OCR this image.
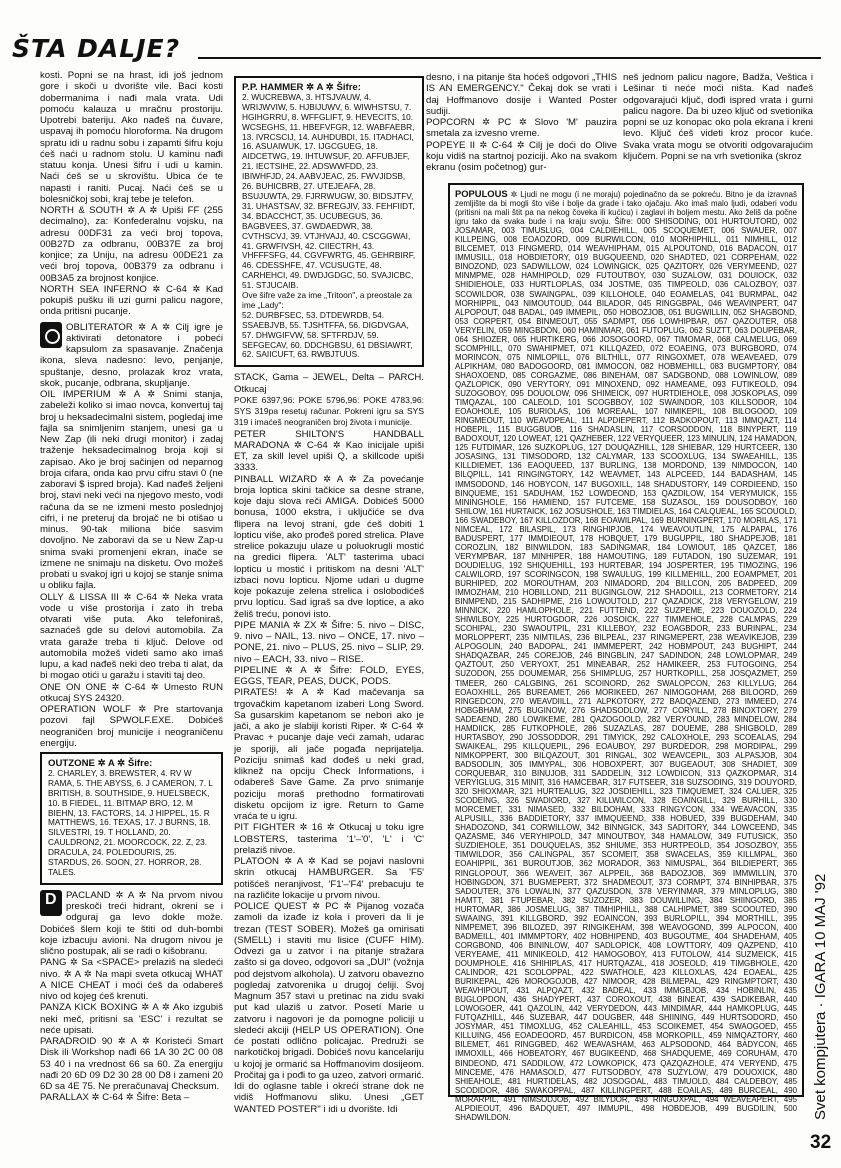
ŠTA DALJE?

kosti. Popni se na hrast, idi još jednom gore i skoči u dvorište vile. Baci kosti dobermanima i nađi mala vrata. Udi pomoću kalauza u mračnu prostoriju. Upotrebi bateriju. Ako nađeš na čuvare, uspavaj ih pomoću hloroforma. Na drugom spratu idi u radnu sobu i zapamti šifru koju ćeš naći u radnom stolu. U kaminu nađi statuu konja. Unesi šifru i udi u kamin. Naći ćeš se u skrovištu. Ubica će te napasti i raniti. Pucaj. Naći ćeš se u bolesničkoj sobi, kraj tebe je telefon.

NORTH & SOUTH ✲ A ✲ Upiši FF (255 decimalno), za: Konfederalnu vojsku, na adresu 00DF31 za veći broj topova, 00B27D za odbranu, 00B37E za broj konjice; za Uniju, na adresu 00DE21 za veći broj topova, 00B379 za odbranu i 00B3A5 za brojnost konjice.

NORTH SEA INFERNO ✲ C-64 ✲ Kad pokupiš pušku ili uzi gurni palicu nagore, onda pritisni pucanje.

OBLITERATOR ✲ A ✲ Cilj igre je aktivirati detonatore i pobeći kapsulom za spasavanje. Značenja ikona, sleva nadesno: levo, penjanje, spuštanje, desno, prolazak kroz vrata, skok, pucanje, odbrana, skupljanje.

OIL IMPERIUM ✲ A ✲ Snimi stanja, zabeleži koliko si imao novca, konvertuj taj broj u heksadecimalni sistem, pogledaj ime fajla sa snimljenim stanjem, unesi ga u New Zap (ili neki drugi monitor) i zadaj traženje heksadecimalnog broja koji si zapisao. Ako je broj sačinjen od neparnog broja cifara, onda kao prvu cifru stavi 0 (ne zaboravi $ ispred broja). Kad nađeš željeni broj, stavi neki veći na njegovo mesto, vodi računa da se ne izmeni mesto poslednjoj cifri, i ne preteruj da brojač ne bi otišao u minus. 90-tak miliona biće sasvim dovoljno. Ne zaboravi da se u New Zap-u snima svaki promenjeni ekran, inače se izmene ne snimaju na disketu. Ovo možeš probati u svakoj igri u kojoj se stanje snima u obliku fajla.

OLLY & LISSA III ✲ C-64 ✲ Neka vrata vode u više prostorija i zato ih treba otvarati više puta. Ako telefoniraš, saznaćeš gde su delovi automobila. Za vrata garaže treba ti ključ. Delove od automobila možeš videti samo ako imaš lupu, a kad nađeš neki deo treba ti alat, da bi mogao otići u garažu i staviti taj deo.

ONE ON ONE ✲ C-64 ✲ Umesto RUN otkucaj SYS 24320.

OPERATION WOLF ✲ Pre startovanja pozovi fajl SPWOLF.EXE. Dobićeš neograničen broj municije i neograničenu energiju.

OUTZONE ✲ A ✲ Šifre:
2. CHARLEY, 3. BREWSTER, 4. RV W RAMA, 5. THE ABYSS, 6. J CAMERON, 7. L BRITISH, 8. SOUTHSIDE, 9. HUELSBECK, 10. B FIEDEL, 11. BITMAP BRO, 12. M BIEHN, 13. FACTORS, 14. J HIPPEL, 15. R MATTHEWS, 16. TEXAS, 17. J BURNS, 18. SILVESTRI, 19. T HOLLAND, 20. CAULDRON2, 21. MOORCOCK, 22. Z, 23. DRACULA, 24. POLEDOURIS, 25. STARDUS, 26. SOON, 27. HORROR, 28. TALES.

D
PACLAND ✲ A ✲ Na prvom nivou preskoči treći hidrant, okreni se i odguraj ga levo dokle može. Dobićeš šlem koji te štiti od duh-bombi koje izbacuju avioni. Na drugom nivou je slično postupak, ali se radi o kišobranu.

PANG ✲ Sa <SPACE> prelaziš na sledeći nivo. ✲ A ✲ Na mapi sveta otkucaj WHAT A NICE CHEAT i moći ćeš da odabereš nivo od kojeg ćeš krenuti.

PANZA KICK BOXING ✲ A ✲ Ako izgubiš neki meč, pritisni sa 'ESC' i rezultat se neće upisati.

PARADROID 90 ✲ A ✲ Koristeći Smart Disk ili Workshop nađi 66 1A 30 2C 00 08 53 40 i na vrednost 66 sa 60. Za energiju nađi 20 6D 09 D2 30 28 00 D8 i zameni 20 6D sa 4E 75. Ne preračunavaj Checksum.

PARALLAX ✲ C-64 ✲ Šifre: Beta –

P.P. HAMMER ✲ A ✲ Šifre:
2. WUCREBWA, 3. HTSJVAUW, 4. WRIJWVIW, 5. HJBIJUWV, 6. WIWHSTSU, 7. HGIHGRRU, 8. WFFGLIFT, 9. HEVECITS, 10. WCSEGHS, 11. HBEFVFGR, 12. WABFAEBR, 13. IVRCSCIJ, 14. AUHDUBDI, 15. ITADHACI, 16. ASUAIWUK, 17. IJGCGUEG, 18. AIDCETWG, 19. IHTUWSUF, 20. AFFUBJEF, 21. IECTSIHE, 22. ADSWWFDD, 23. IBIWHFJD, 24. AABVJEAC, 25. FWVJIDSB, 26. BUHICBRB, 27. UTEJEAFA, 28. BSUJUWTA, 29. FJRRWUGW, 30. BIDSJTFV, 31. UHASTSAV, 32. BFREGJIV, 33. FEHFIIDT, 34. BDACCHCT, 35. UCUBEGUS, 36. BAGBVEES, 37. GWDAEDWR, 38. CVTHSCVJ, 39. VTJHVAJJ, 40. CSCGGWAI, 41. GRWFIVSH, 42. CIIECTRH, 43. VHFFFSFG, 44. CGVFWRTG, 45. GEHRBIRF, 46. CDESSHFE, 47. VCUSUGTE, 48. CARHEHCI, 49. DWDJGDGC, 50. SVAJICBC, 51. STJUCAIB.
Ove šifre važe za ime „Tritoon", a preostale za ime „Lady":
52. DURBFSEC, 53. DTDEWRDB, 54. SSAEBJVB, 55. TJSHTFFA, 56. DIGDVGAA, 57. DHWGIFVW, 58. SFTFRDJV, 59. SEFGECAV, 60. DDCHGBSU, 61 DBSIAWRT, 62. SAIICUFT, 63. RWBJTUUS.

STACK, Gama – JEWEL, Delta – PARCH. Otkucaj

POKE 6397,96: POKE 5796,96: POKE 4783,96: SYS 319pa resetuj računar. Pokreni igru sa SYS 319 i imaćeš neograničen broj života i municije.

PETER SHILTON'S HANDBALL MARADONA ✲ C-64 ✲ Kao inicijale upiši ET, za skill level upiši Q, a skillcode upiši 3333.

PINBALL WIZARD ✲ A ✲ Za povećanje broja loptica skini tačkice sa desne strane, koje daju slova reči AMIGA. Dobićeš 5000 bonusa, 1000 ekstra, i uključiće se dva flipera na levoj strani, gde ćeš dobiti 1 lopticu više, ako prođeš pored strelica. Plave strelice pokazuju ulaze u poluokrugli mostić na gredici flipera. 'ALT' tasterima ubaci lopticu u mostić i pritiskom na desni 'ALT' izbaci novu lopticu. Njome udari u dugme koje pokazuje zelena strelica i oslobodićeš prvu lopticu. Sad igraš sa dve loptice, a ako želiš treću, ponovi isto.

PIPE MANIA ✲ ZX ✲ Šifre: 5. nivo – DISC, 9. nivo – NAIL, 13. nivo – ONCE, 17. nivo – PONE, 21. nivo – PLUS, 25. nivo – SLIP, 29. nivo – EACH, 33. nivo – RISE.

PIPELINE ✲ A ✲ Šifre: FOLD, EYES, EGGS, TEAR, PEAS, DUCK, PODS.

PIRATES! ✲ A ✲ Kad mačevanja sa trgovačkim kapetanom izaberi Long Sword. Sa gusarskim kapetanom se nebori ako je jači, a ako je slabiji koristi Riper. ✲ C-64 ✲ Pravac + pucanje daje veći zamah, udarac je sporiji, ali jače pogađa neprijatelja. Poziciju snimaš kad dođeš u neki grad, kliknež na opciju Check Informations, i odabereš Save Game. Za prvo snimanje poziciju moraš prethodno formatirovati disketu opcijom iz igre. Return to Game vraća te u igru.

PIT FIGHTER ✲ 16 ✲ Otkucaj u toku igre LOBSTERS, tasterima '1'–'0', 'L' i 'C' prelaziš nivoe.

PLATOON ✲ A ✲ Kad se pojavi naslovni skrin otkucaj HAMBURGER. Sa 'F5' potišćeš neranjivost, 'F1'–'F4' prebacuju te na različite lokacije u prvom nivou.

POLICE QUEST ✲ PC ✲ Pijanog vozača zamoli da izađe iz kola i proveri da li je trezan (TEST SOBER). Možeš ga omirisati (SMELL) i staviti mu lisice (CUFF HIM). Odvezi ga u zatvor i na pitanje stražara zašto si ga doveo, odgovori sa „DUI" (vožnja pod dejstvom alkohola). U zatvoru obavezno pogledaj zatvorenika u drugoj ćeliji. Svoj Magnum 357 stavi u pretinac na zidu svaki put kad ulaziš u zatvor. Posetí Marie u zatvoru i nagovori je da pomogne policiji u sledeći akciji (HELP US OPERATION). One će postati odlično policajac. Predruži se narkotičkoj brigadi. Dobićeš novu kancelariju u kojoj je ormarić sa Hoffmanovim dosijeom. Pročitaj ga i pođi to ga uzeo, zatvori ormarić. Idi do oglasne table i okreći strane dok ne vidiš Hoffmanovu sliku. Unesi „GET WANTED POSTER" i idi u dvorište. Idi

desno, i na pitanje šta hoćeš odgovori „THIS IS AN EMERGENCY." Čekaj dok se vrati i daj Hoffmanovo dosije i Wanted Poster sudiji.

POPCORN ✲ PC ✲ Slovo 'M' pauzira smetala za izvesno vreme.

POPEYE II ✲ C-64 ✲ Cilj je doći do Olive koju vidiš na startnoj poziciji. Ako na svakom ekranu (osim početnog) gur-

neš jednom palicu nagore, Badža, Veštica i Lešinar ti neće moći ništa. Kad nađeš odgovarajući ključ, dođi ispred vrata i gurni palicu nagore. Da bi uzeo ključ od svetionika popni se uz konopac oko pola ekrana i kreni levo. Ključ ćeš videti kroz procor kuće. Svaka vrata mogu se otvoriti odgovarajućim ključem. Popni se na vrh svetionika (skroz

POPULOUS ✲ Ljudi ne mogu (i ne moraju) pojedinačno da se pokreću. Bitno je da izravnaš zemljište da bi mogli što više i bolje da grade i tako ojačaju. Ako imaš malo ljudi, odaberi vodu (pritisni na mali štit pa na nekog čoveka ili kućicu) i zaglavi ih boljem mestu. Ako želiš da počne igru tako da svaka bude i na kraju svoju. Šifre: 000 SHISODING, 001 HURTOUTORD, 002 JOSAMAR, 003 TIMUSLUG, 004 CALDIEHILL, 005 SCOQUEMET, 006 SWAUER, 007 KILLPEING, 008 EOAOZORD, 009 BURWILCON, 010 MORHIPHILL, 011 NIMHILL, 012 BILCEMET, 013 FINGMERD, 014 WEAVHIPHAM, 015 ALPOUTOND, 016 BADACON, 017 IMMUSILL, 018 HOBDIETORY, 019 BUGQUEEND, 020 SHADTED, 021 CORPEHAM, 022 BINOZOND, 023 SADWILLOW, 024 LOWINGICK, 025 QAZITORY, 026 VERYMEEND, 027 MINMPME, 028 HAMHIPOLD, 029 FUTOUTBOY, 030 SUZALOW, 031 DOUIOCK, 032 SHIDIEHOLE, 033 HURTLOPLAS, 034 JOSTME, 035 TIMPEOLD, 036 CALOZBOY, 037 SCOWILDOR, 038 SWAINGPAL, 039 KILLOHOLE, 040 EOAMELAS, 041 BURMPAL, 042 MORHIPPIL, 043 NIMOUTOUD, 044 BILADOR, 045 RINGGBPAL, 046 WEAVINPERT, 047 ALPOPOUT, 048 BADAL, 049 IMMEPIL, 050 HOBOZJOB, 051 BUGWILLIN, 052 SHAGBOND, 053 CORPERT, 054 BINMEOUT, 055 SADMPT, 056 LOWHIPBAR, 057 QAZOUTER, 058 VERYELIN, 059 MINGBDON, 060 HAMINMAR, 061 FUTOPLUG, 062 SUZTT, 063 DOUPEBAR, 064 SHIOZER, 065 HURTIKERG, 066 JOSOGOORD, 067 TIMOMAR, 068 CALMELUG, 069 SCOMPHILL, 070 SWAHIPMET, 071 KILLQAZED, 072 EOAEING, 073 BURGBORD, 074 MORINCON, 075 NIMLOPILL, 076 BILTHILL, 077 RINGOXMET, 078 WEAVEAED, 079 ALPIKHAM, 080 BADOGOORD, 081 IMMOCON, 082 HOBMEHILL, 083 BUGMPTORY, 084 SHAOXOEND, 085 CORGAZME, 086 BINEHAM, 087 SADGBOND, 088 LOWINLOW, 089 QAZLOPICK, 090 VERYTORY, 091 MINOXEND, 092 HAMEAME, 093 FUTIKEOLD, 094 SUZOGOBOY, 095 DOUOLOW, 096 SHIMEICK, 097 HURTDIEHOLE, 098 JOSKOPLAS, 099 TIMQAZAL, 100 CALEOLD, 101 SCOGBBOY, 102 SWAINDOR, 103 KILLSODOR, 104 EOAOHOLE, 105 BURIOLAS, 106 MOREAAL, 107 NIMIKEPIL, 108 BILOGOOD, 109 RINGMEOUT, 110 WEAVDPEAL, 111 ALPDIEPERT, 112 BADKOPOUT, 113 IMMQAZT, 114 HOBEPIL, 115 BUGGBUOB, 116 SHADASLIN, 117 CORSODDON, 118 BINYPERT, 119 BADOXOUT, 120 LOWEAT, 121 QAZHEBER, 122 VERYQUEER, 123 MINULIN, 124 HAMADON, 125 FUTDIMAR, 126 SUZKOPLUG, 127 DOUQAZHILL, 128 SHIEBAR, 129 HURTCEER, 130 JOSASING, 131 TIMSODORD, 132 CALYMAR, 133 SCOOXLUG, 134 SWAEAHILL, 135 KILLDIEMET, 136 EAOQUEED, 137 BURLING, 138 MORDOND, 139 NIMDOCON, 140 BILQPILL, 141 RINGINGTORY, 142 WEAVMET, 143 ALPCEED, 144 BADASHAM, 145 IMMSODOND, 146 HOBYCON, 147 BUGOXILL, 148 SHADUSTORY, 149 CORDIEEND, 150 BINQUEME, 151 SADUHAM, 152 LOWDEOND, 153 QAZDILOW, 154 VERYMUICK, 155 MININGHOLE, 156 HAMIEND, 157 FUTCEME, 158 SUZASOL, 159 DOUSODBOY, 160 SHILOW, 161 HURTAICK, 162 JOSUSHOLE, 163 TIMDIELAS, 164 CALQUEAL, 165 SCOUOLD, 166 SWADEBOY, 167 KILLOZDOR, 168 EOAWILPAL, 169 BURNINGPERT, 170 MORILAS, 171 NIMCEAL, 172 BILASPIL, 173 RINGHIPJOB, 174 WEAVOUTLIN, 175 ALPAPAL, 176 BADUSPERT, 177 IMMDIEOUT, 178 HOBQUET, 179 BUGUPPIL, 180 SHADPEJOB, 181 COROZLIN, 182 BINWILDON, 183 SADINGMAR, 184 LOWIOUT, 185 QAZCET, 186 VERYMPBAR, 187 MINHIPER, 188 HAMOUTING, 189 FUTADON, 190 SUZEMAR, 191 DOUDIELUG, 192 SHIQUEHILL, 193 HURTEBAR, 194 JOSPERTER, 195 TIMOZING, 196 CALWILORD, 197 SCORINGCON, 198 SWAULUG, 199 KILLMEHILL, 200 EOAMPMET, 201 BURHIPED, 202 MOROUTHAM, 203 NIMADORD, 204 BILLCON, 205 BADPEED, 209 IMMOZHAM, 210 HOBILLOND, 211 BUGINGLOW, 212 SHADOILL, 213 CORMETORY, 214 BINMPEND, 215 SADHIPME, 216 LOWOUTOLD, 217 QAZADICK, 218 VERYGELOW, 219 MINNICK, 220 HAMLOPHOLE, 221 FUTTEND, 222 SUZPEME, 223 DOUOZOLD, 224 SHIWILBOY, 225 HURTOGDOR, 226 JOSOICK, 227 TIMMEHOLE, 228 CALMPAS, 229 SCOHIPAL, 230 SWAOUTPIL, 231 KILLEBOY, 232 EOAGBDOR, 233 BURINPAL, 234 MORLOPPERT, 235 NIMTILAS, 236 BILPEAL, 237 RINGMEPERT, 238 WEAVIKEJOB, 239 ALPOGOLIN, 240 BADOPAL, 241 IMMMEPERT, 242 HOBMPOUT, 243 BUGHIPT, 244 SHADQAZBAR, 245 COREJOB, 246 BINGBLIN, 247 SADINDON, 248 LOWLOPMAR, 249 QAZTOUT, 250 VERYOXT, 251 MINEABAR, 252 HAMIKEER, 253 FUTOGOING, 254 SUZODON, 255 DOUMEMAR, 256 SHIMPLUG, 257 HURTKOPILL, 258 JOSQAZMET, 259 TIMEER, 260 CALGBING, 261 SCOINORD, 262 SWALOPCON, 263 KILLYLUG, 264 EOAOXHILL, 265 BUREAMET, 266 MORIKEED, 267 NIMOGOHAM, 268 BILOORD, 269 RINGEDCON, 270 WEAVDIILL, 271 ALPKOTORY, 272 BADQAZEND, 273 IMMEED, 274 HOBGBHAM, 275 BUGINOW, 276 SHADSODLOW, 277 CORYILL, 278 BINOXTORY, 279 SADEAEND, 280 LOWIKEME, 281 QAZOGOOLD, 282 VERYOUND, 283 MINDELOW, 284 HAMDIICK, 285 FUTKOPHOLE, 286 SUZAZLAS, 287 DOUEME, 288 SHIGBOLD, 289 HURTASBOY, 290 JOSSODDOR, 291 TIMYICK, 292 CALOXHOLE, 293 SCOEALAS, 294 SWAIKEAL, 295 KILLQUEPIL, 296 EOAUBOY, 297 BURDEDOR, 298 MORDIPAL, 299 NIMKOPPERT, 300 BILQAZOUT, 301 RINGAL, 302 WEAVCEPIL, 303 ALPASJOB, 304 BADSODLIN, 305 IMMYPAL, 306 HOBOXPERT, 307 BUGEAOUT, 308 SHADIET, 309 CORQUEBAR, 310 BINUJOB, 311 SADDELIN, 312 LOWDICON, 313 QAZKOPMAR, 314 VERYIGLUG, 315 MINIT, 316 HAMCEBAR, 317 FUTSEER, 318 SUZSODING, 319 DOUYORD, 320 SHIOXMAR, 321 HURTEALUG, 322 JOSDIEHILL, 323 TIMQUEMET, 324 CALUER, 325 SCODEING, 326 SWADIORD, 327 KILLWILCON, 328 EOAINGILL, 329 BURHILL, 330 MORCEMET, 331 NIMASED, 332 BILDOHAM, 333 RINGYCON, 334 WEAVACON, 335 ALPUSILL, 336 BADDIETORY, 337 IMMQUEEND, 338 HOBUED, 339 BUGDEHAM, 340 SHADOZOND, 341 CORWILLOW, 342 BINNGICK, 343 SADITORY, 344 LOWCEEND, 345 QAZASME, 346 VERYHIPOLD, 347 MINOUTBOY, 348 HAMALOW, 349 FUTUSICK, 350 SUZDIEHOLE, 351 DOUQUELAS, 352 SHIUME, 353 HURTPEOLD, 354 JOSOZBOY, 355 TIMWILDOR, 356 CALINGPAL, 357 SCOMEIT, 358 SWACELAS, 359 KILLMPAL, 360 EOAHIPPIL, 361 BUROUTJOB, 362 MORADOR, 363 NIMUSPAL, 364 BILDIEPERT, 365 RINGLOPOUT, 366 WEAVEIT, 367 ALPPEIL, 368 BADOZJOB, 369 IMMWILLIN, 370 HOBINGDON, 371 BUGMEPERT, 372 SHADMEOUT, 373 CORMPT, 374 BINHIPBAR, 375 SADOUTER, 376 LOWALIN, 377 QAZUSDON, 378 VERYINMAR, 379 MINLOPLUG, 380 HAMTT, 381 FTUPEBAR, 382 SUZOZER, 383 DOUWILLING, 384 SHIINGORD, 385 HURTOMAR, 386 JOSMELUG, 387 TIMHIPHILL, 388 CALHIPMET, 389 SCOOUTED, 390 SWAAING, 391 KILLGBORD, 392 EOAINCON, 393 BURLOPILL, 394 MORTHILL, 395 NIMPEMET, 396 BILOZED, 397 RINGIKEHAM, 398 WEAVOGOND, 399 ALPOCON, 400 BADMEILL, 401 IMMMPTORY, 402 HOBHIPEND, 403 BUGOUTME, 404 SHADEHAM, 405 CORGBOND, 406 BININLOW, 407 SADLOPICK, 408 LOWTTORY, 409 QAZPEND, 410 VERYEAME, 411 MINIKEOLD, 412 HAMOGOBOY, 413 FUTOLOW, 414 SUZMEICK, 415 DOUMPHOLE, 416 SHIHIPLAS, 417 HURTQAZAL, 418 JOSEOLD, 419 TIMGBHOLE, 420 CALINDOR, 421 SCOLOPPAL, 422 SWATHOLE, 423 KILLOXLAS, 424 EOAEAL, 425 BURIKEPAL, 426 MOROGOJOB, 427 NIMOOR, 428 BILMEPAL, 429 RINGMPTORT, 430 WEAVHIPOUT, 431 ALPQAZT, 432 BADEAL, 433 IMMGBJOB, 434 HOBINLIN, 435 BUGLOPDON, 436 SHADYPERT, 437 COROXOUT, 438 BINEAT, 439 SADIKEBAR, 440 LOWOGOER, 441 QAZOLIN, 442 VERYDEDON, 443 MINDIMAR, 444 HAMKOPLUG, 445 FUTQAZHILL, 446 SUZEBAR, 447 DOUGBER, 448 SHIINING, 449 HURTSODORD, 450 JOSYMAR, 451 TIMOXLUG, 452 CALEAHILL, 453 SCOIKEMET, 454 SWAOGOED, 455 KILLUING, 456 EOADEOORD, 457 BURDICON, 458 MORKOPILL, 459 NIMQAZTORY, 460 BILEMET, 461 RINGGBED, 462 WEAVASHAM, 463 ALPSODOND, 464 BADYCON, 465 IMMOXILL, 466 HOBEATORY, 467 BUGIKEEND, 468 SHADQUEME, 469 CORUHAM, 470 BINDEOND, 471 SADDILOW, 472 LOWKOPICK, 473 QAZQAZHOLE, 474 VERYEND, 475 MINCEME, 476 HAMASOLD, 477 FUTSODBOY, 478 SUZYLOW, 479 DOUOXICK, 480 SHIEAHOLE, 481 HURTIDELAS, 482 JOSOGOAL, 483 TIMUOLD, 484 CALDEBOY, 485 SCODIDOR, 486 SWAKOPPAL, 487 KILLINGPERT, 488 EOAILAS, 489 BURCEAL, 490 MORARPIL, 491 NIMSODJOB, 492 BILYDOR, 493 RINGOXPAL, 494 WEAVEAPERT, 495 ALPDIEOUT, 496 BADQUET, 497 IMMUPIL, 498 HOBDEJOB, 499 BUGDILIN, 500 SHADWILDON.	Svet kompjutera · IGARA 10 MAJ '92
32
